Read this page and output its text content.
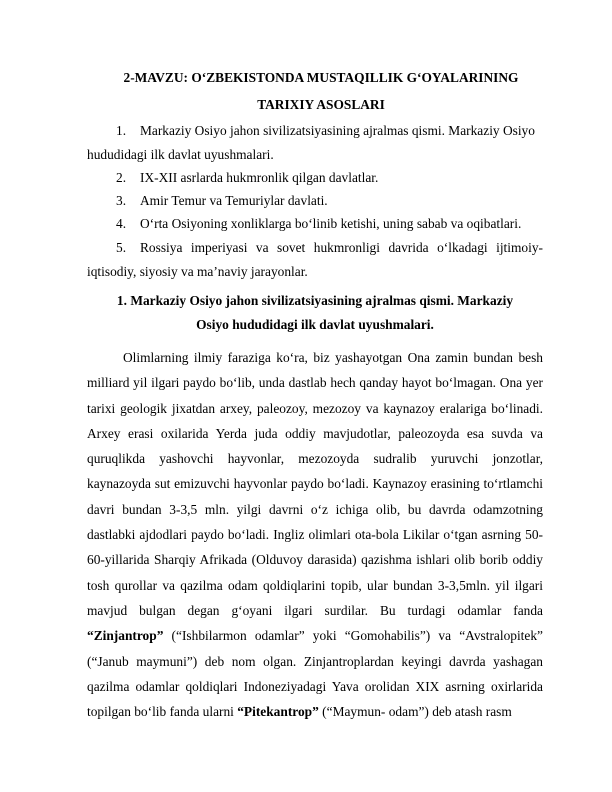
2-MAVZU: O‘ZBEKISTONDA MUSTAQILLIK G‘OYALARINING
TARIXIY ASOSLARI
1. Markaziy Osiyo jahon sivilizatsiyasining ajralmas qismi. Markaziy Osiyo
hududidagi ilk davlat uyushmalari.
2. IX-XII asrlarda hukmronlik qilgan davlatlar.
3. Amir Temur va Temuriylar davlati.
4. O‘rta Osiyoning xonliklarga bo‘linib ketishi, uning sabab va oqibatlari.
5. Rossiya imperiyasi va sovet hukmronligi davrida o‘lkadagi ijtimoiy-
iqtisodiy, siyosiy va ma’naviy jarayonlar.
1. Markaziy Osiyo jahon sivilizatsiyasining ajralmas qismi. Markaziy
Osiyo hududidagi ilk davlat uyushmalari.

Olimlarning ilmiy faraziga ko‘ra, biz yashayotgan Ona zamin bundan besh milliard yil ilgari paydo bo‘lib, unda dastlab hech qanday hayot bo‘lmagan. Ona yer tarixi geologik jixatdan arxey, paleozoy, mezozoy va kaynazoy eralariga bo‘linadi. Arxey erasi oxilarida Yerda juda oddiy mavjudotlar, paleozoyda esa suvda va quruqlikda yashovchi hayvonlar, mezozoyda sudralib yuruvchi jonzotlar, kaynazoyda sut emizuvchi hayvonlar paydo bo‘ladi. Kaynazoy erasining to‘rtlamchi davri bundan 3-3,5 mln. yilgi davrni o‘z ichiga olib, bu davrda odamzotning dastlabki ajdodlari paydo bo‘ladi. Ingliz olimlari ota-bola Likilar o‘tgan asrning 50-60-yillarida Sharqiy Afrikada (Olduvoy darasida) qazishma ishlari olib borib oddiy tosh qurollar va qazilma odam qoldiqlarini topib, ular bundan 3-3,5mln. yil ilgari mavjud bulgan degan g‘oyani ilgari surdilar. Bu turdagi odamlar fanda “Zinjantrop” (“Ishbilarmon odamlar” yoki “Gomohabilis”) va “Avstralopitek” (“Janub maymuni”) deb nom olgan. Zinjantroplardan keyingi davrda yashagan qazilma odamlar qoldiqlari Indoneziyadagi Yava orolidan XIX asrning oxirlarida topilgan bo‘lib fanda ularni “Pitekantrop” (“Maymun- odam”) deb atash rasm
